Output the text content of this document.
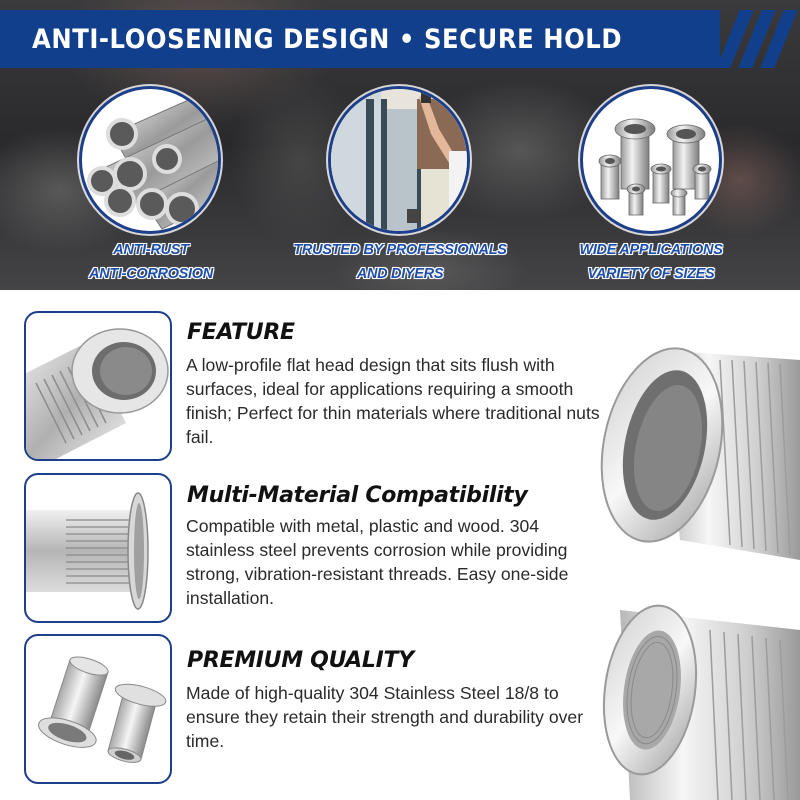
ANTI-LOOSENING DESIGN • SECURE HOLD
ANTI-RUST
ANTI-CORROSION
TRUSTED BY PROFESSIONALS
AND DIYERS
WIDE APPLICATIONS
VARIETY OF SIZES
FEATURE
A low-profile flat head design that sits flush with surfaces, ideal for applications requiring a smooth finish; Perfect for thin materials where traditional nuts fail.
Multi-Material Compatibility
Compatible with metal, plastic and wood. 304 stainless steel prevents corrosion while providing strong, vibration-resistant threads. Easy one-side installation.
PREMIUM QUALITY
Made of high-quality 304 Stainless Steel 18/8 to ensure they retain their strength and durability over time.
